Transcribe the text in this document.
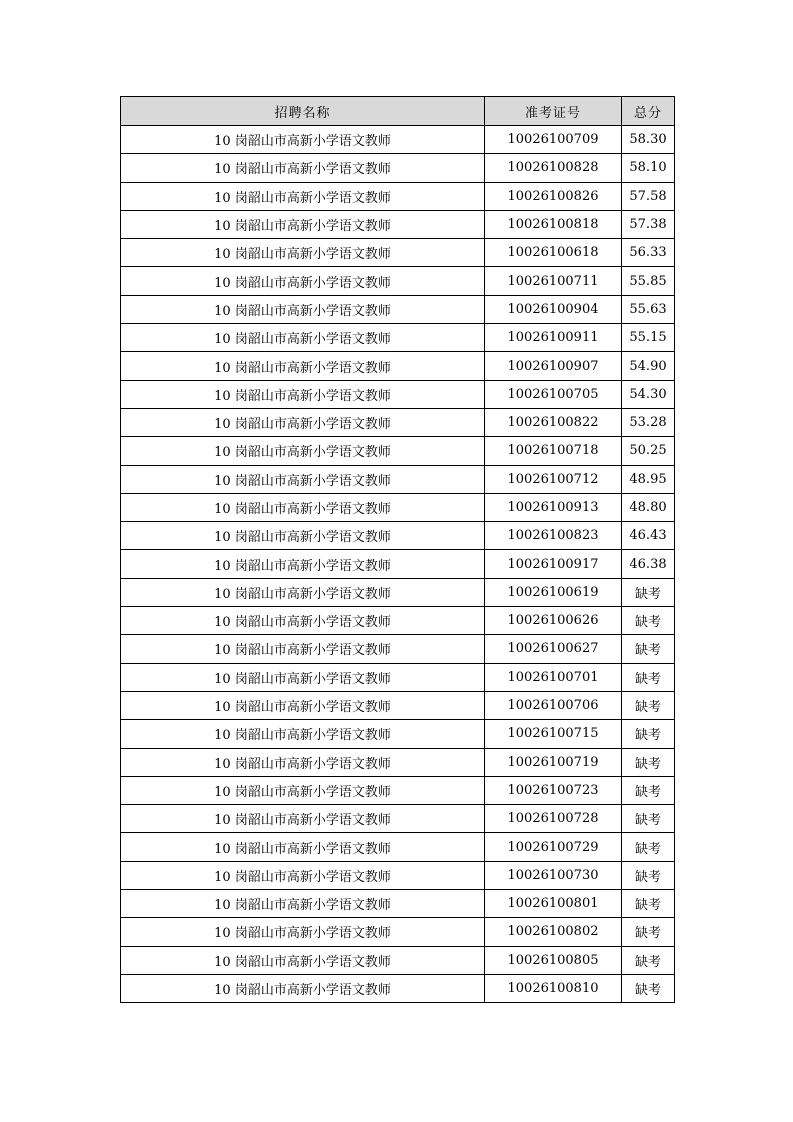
招聘名称	准考证号	总分
10 岗韶山市高新小学语文教师	10026100709	58.30
10 岗韶山市高新小学语文教师	10026100828	58.10
10 岗韶山市高新小学语文教师	10026100826	57.58
10 岗韶山市高新小学语文教师	10026100818	57.38
10 岗韶山市高新小学语文教师	10026100618	56.33
10 岗韶山市高新小学语文教师	10026100711	55.85
10 岗韶山市高新小学语文教师	10026100904	55.63
10 岗韶山市高新小学语文教师	10026100911	55.15
10 岗韶山市高新小学语文教师	10026100907	54.90
10 岗韶山市高新小学语文教师	10026100705	54.30
10 岗韶山市高新小学语文教师	10026100822	53.28
10 岗韶山市高新小学语文教师	10026100718	50.25
10 岗韶山市高新小学语文教师	10026100712	48.95
10 岗韶山市高新小学语文教师	10026100913	48.80
10 岗韶山市高新小学语文教师	10026100823	46.43
10 岗韶山市高新小学语文教师	10026100917	46.38
10 岗韶山市高新小学语文教师	10026100619	缺考
10 岗韶山市高新小学语文教师	10026100626	缺考
10 岗韶山市高新小学语文教师	10026100627	缺考
10 岗韶山市高新小学语文教师	10026100701	缺考
10 岗韶山市高新小学语文教师	10026100706	缺考
10 岗韶山市高新小学语文教师	10026100715	缺考
10 岗韶山市高新小学语文教师	10026100719	缺考
10 岗韶山市高新小学语文教师	10026100723	缺考
10 岗韶山市高新小学语文教师	10026100728	缺考
10 岗韶山市高新小学语文教师	10026100729	缺考
10 岗韶山市高新小学语文教师	10026100730	缺考
10 岗韶山市高新小学语文教师	10026100801	缺考
10 岗韶山市高新小学语文教师	10026100802	缺考
10 岗韶山市高新小学语文教师	10026100805	缺考
10 岗韶山市高新小学语文教师	10026100810	缺考
